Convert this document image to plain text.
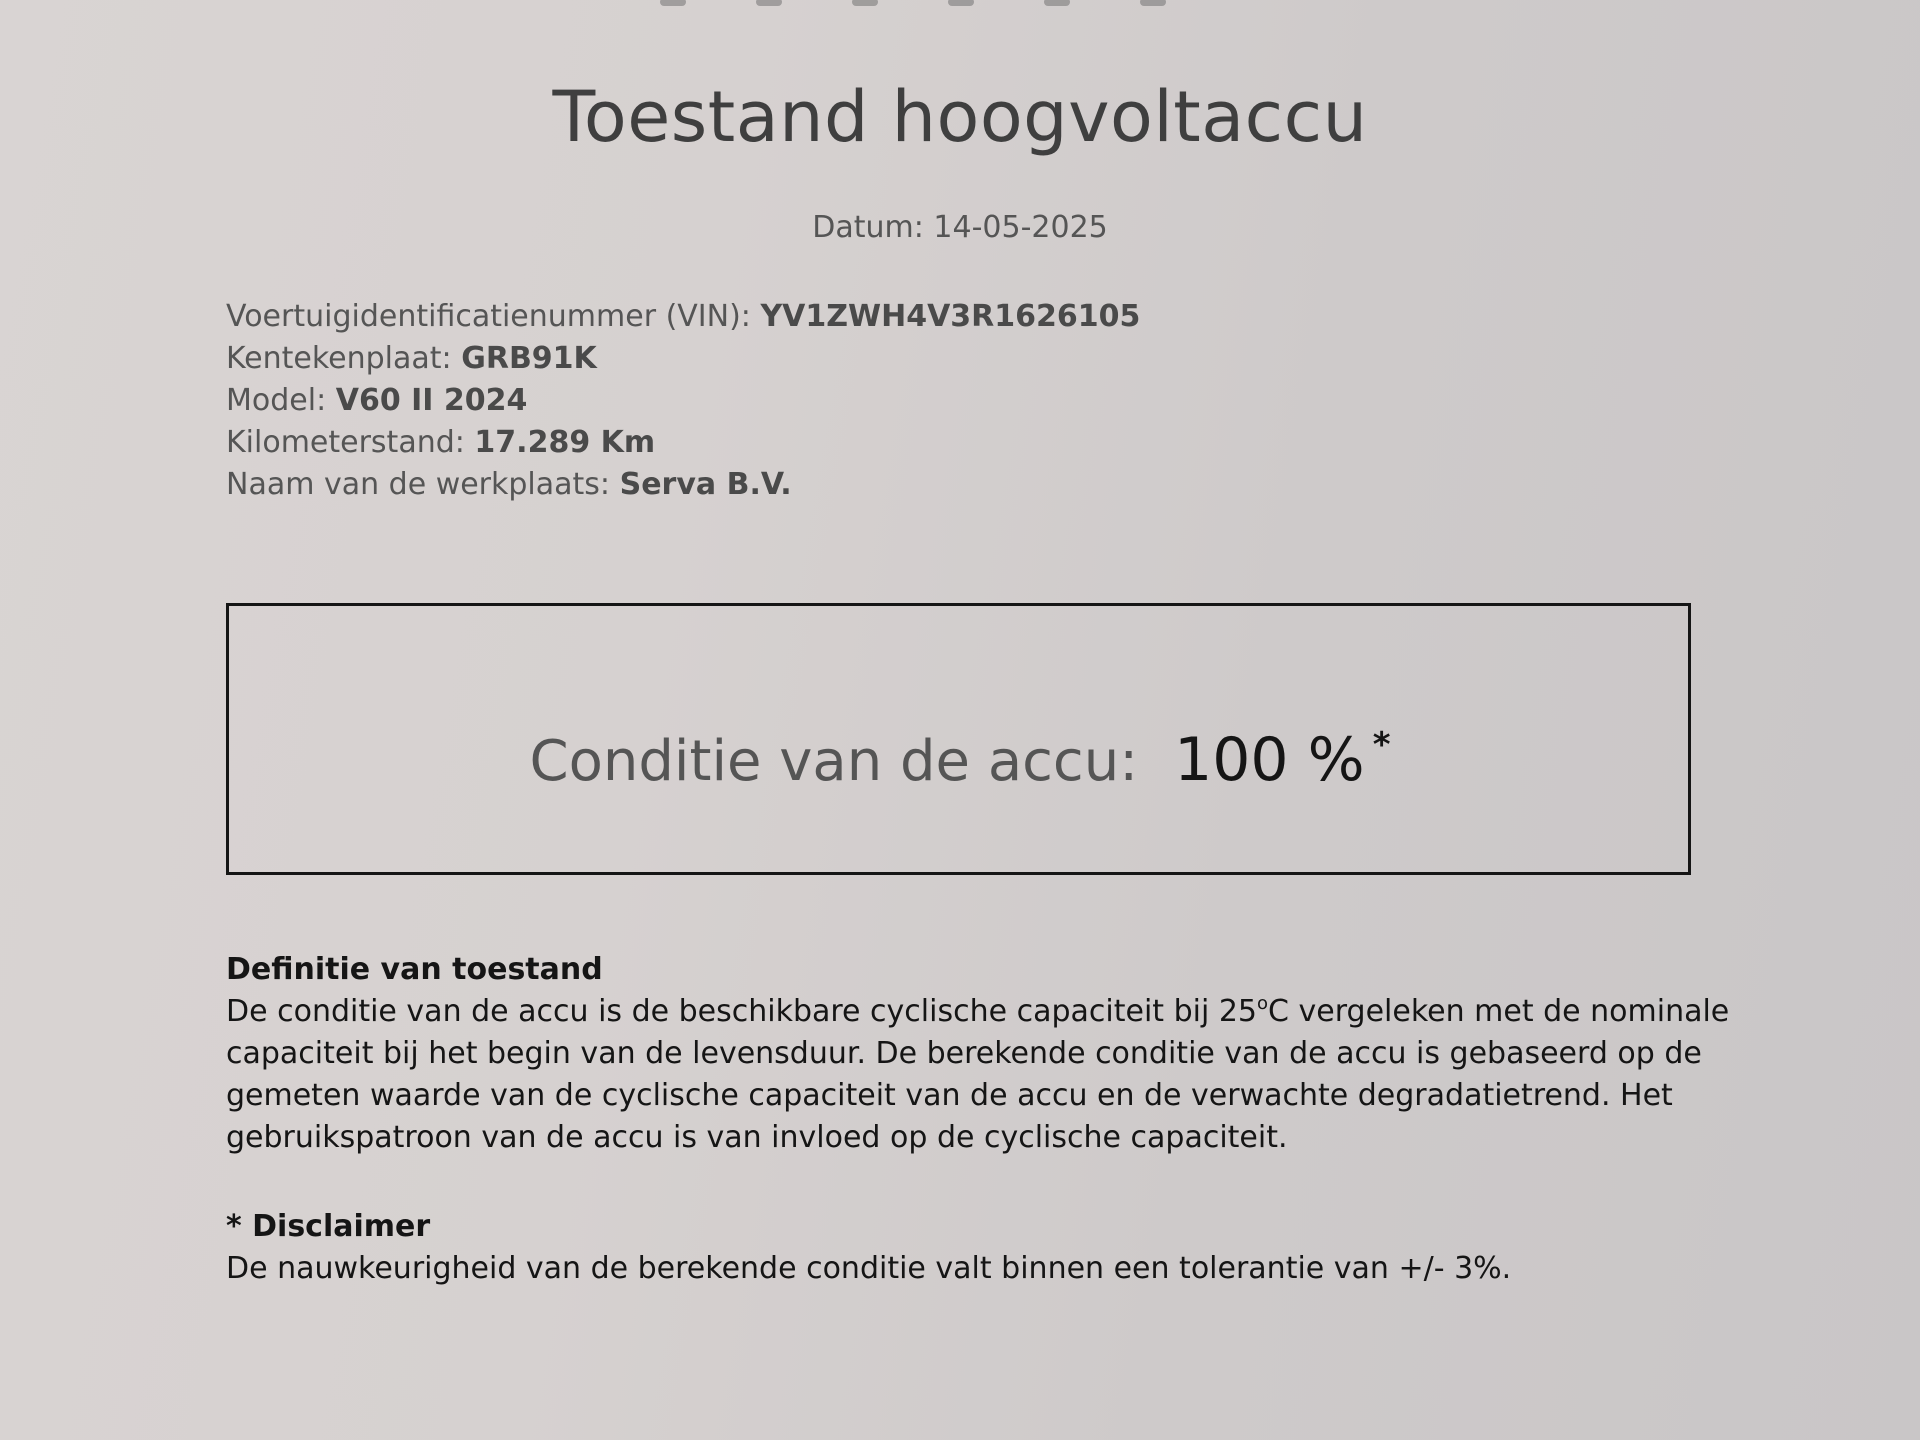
Toestand hoogvoltaccu
Datum: 14-05-2025
Voertuigidentificatienummer (VIN): YV1ZWH4V3R1626105
Kentekenplaat: GRB91K
Model: V60 II 2024
Kilometerstand: 17.289 Km
Naam van de werkplaats: Serva B.V.
Conditie van de accu: 100 % *
Definitie van toestand

De conditie van de accu is de beschikbare cyclische capaciteit bij 25$^o$C vergeleken met de nominale capaciteit bij het begin van de levensduur. De berekende conditie van de accu is gebaseerd op de gemeten waarde van de cyclische capaciteit van de accu en de verwachte degradatietrend. Het gebruikspatroon van de accu is van invloed op de cyclische capaciteit.

* Disclaimer

De nauwkeurigheid van de berekende conditie valt binnen een tolerantie van +/- 3%.
